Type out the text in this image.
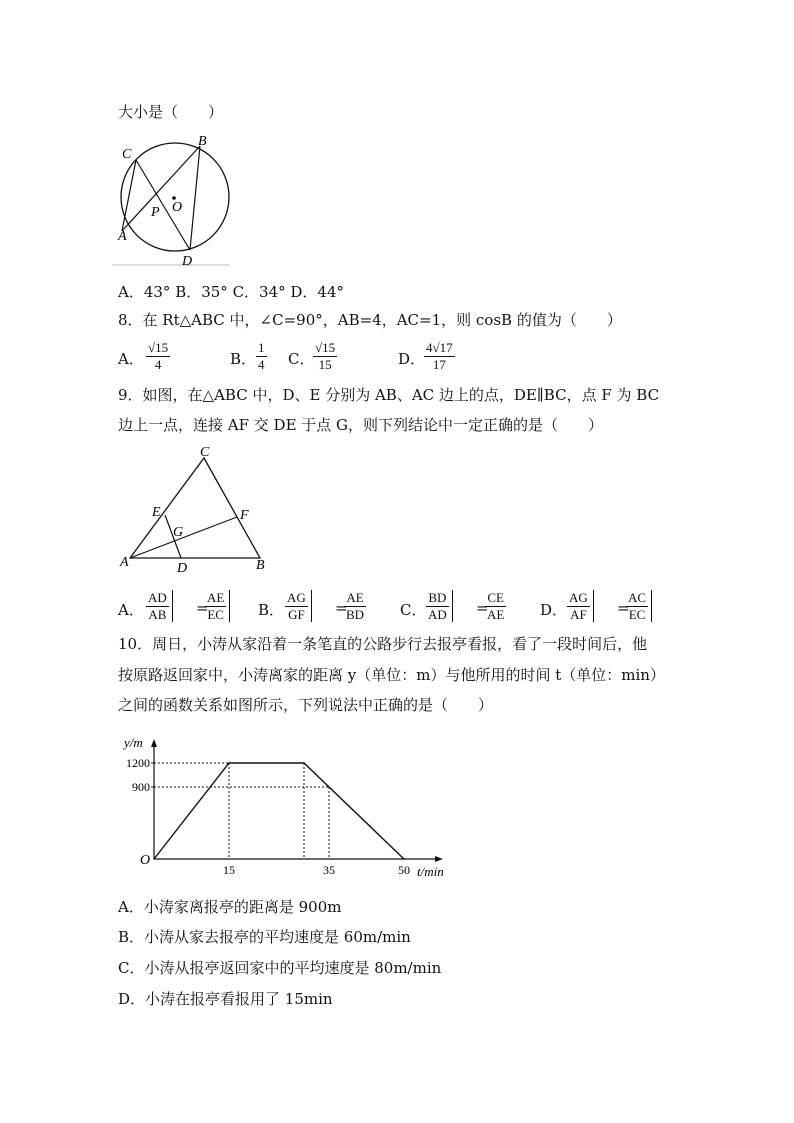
大小是（　　）
C
B
P O
A
D
A．43° B．35° C．34° D．44°
8．在 Rt△ABC 中，∠C=90°，AB=4，AC=1，则 cosB 的值为（　　）
A． $\frac{√15}{4}$	B． $\frac{1}{4}$ C．
$\frac{√15}{15}$	D．
$\frac{4√17}{17}$
9．如图，在△ABC 中，D、E 分别为 AB、AC 边上的点，DE∥BC，点 F 为 BC
边上一点，连接 AF 交 DE 于点 G，则下列结论中一定正确的是（　　）
C
E	F
G
A	D	B
A． $\frac{AD}{AB}$ =
$\frac{AE}{EC}$ B． $\frac{AG}{GF}$ =
$\frac{AE}{BD}$ C． $\frac{BD}{AD}$ =
$\frac{CE}{AE}$ D． $\frac{AG}{AF}$ =
$\frac{AC}{EC}$
10．周日，小涛从家沿着一条笔直的公路步行去报亭看报，看了一段时间后，他
按原路返回家中，小涛离家的距离 y（单位：m）与他所用的时间 t（单位：min）
之间的函数关系如图所示，下列说法中正确的是（　　）
900
1200
15	35	50
O
y/m
t/min
A．小涛家离报亭的距离是 900m
B．小涛从家去报亭的平均速度是 60m/min
C．小涛从报亭返回家中的平均速度是 80m/min
D．小涛在报亭看报用了 15min
